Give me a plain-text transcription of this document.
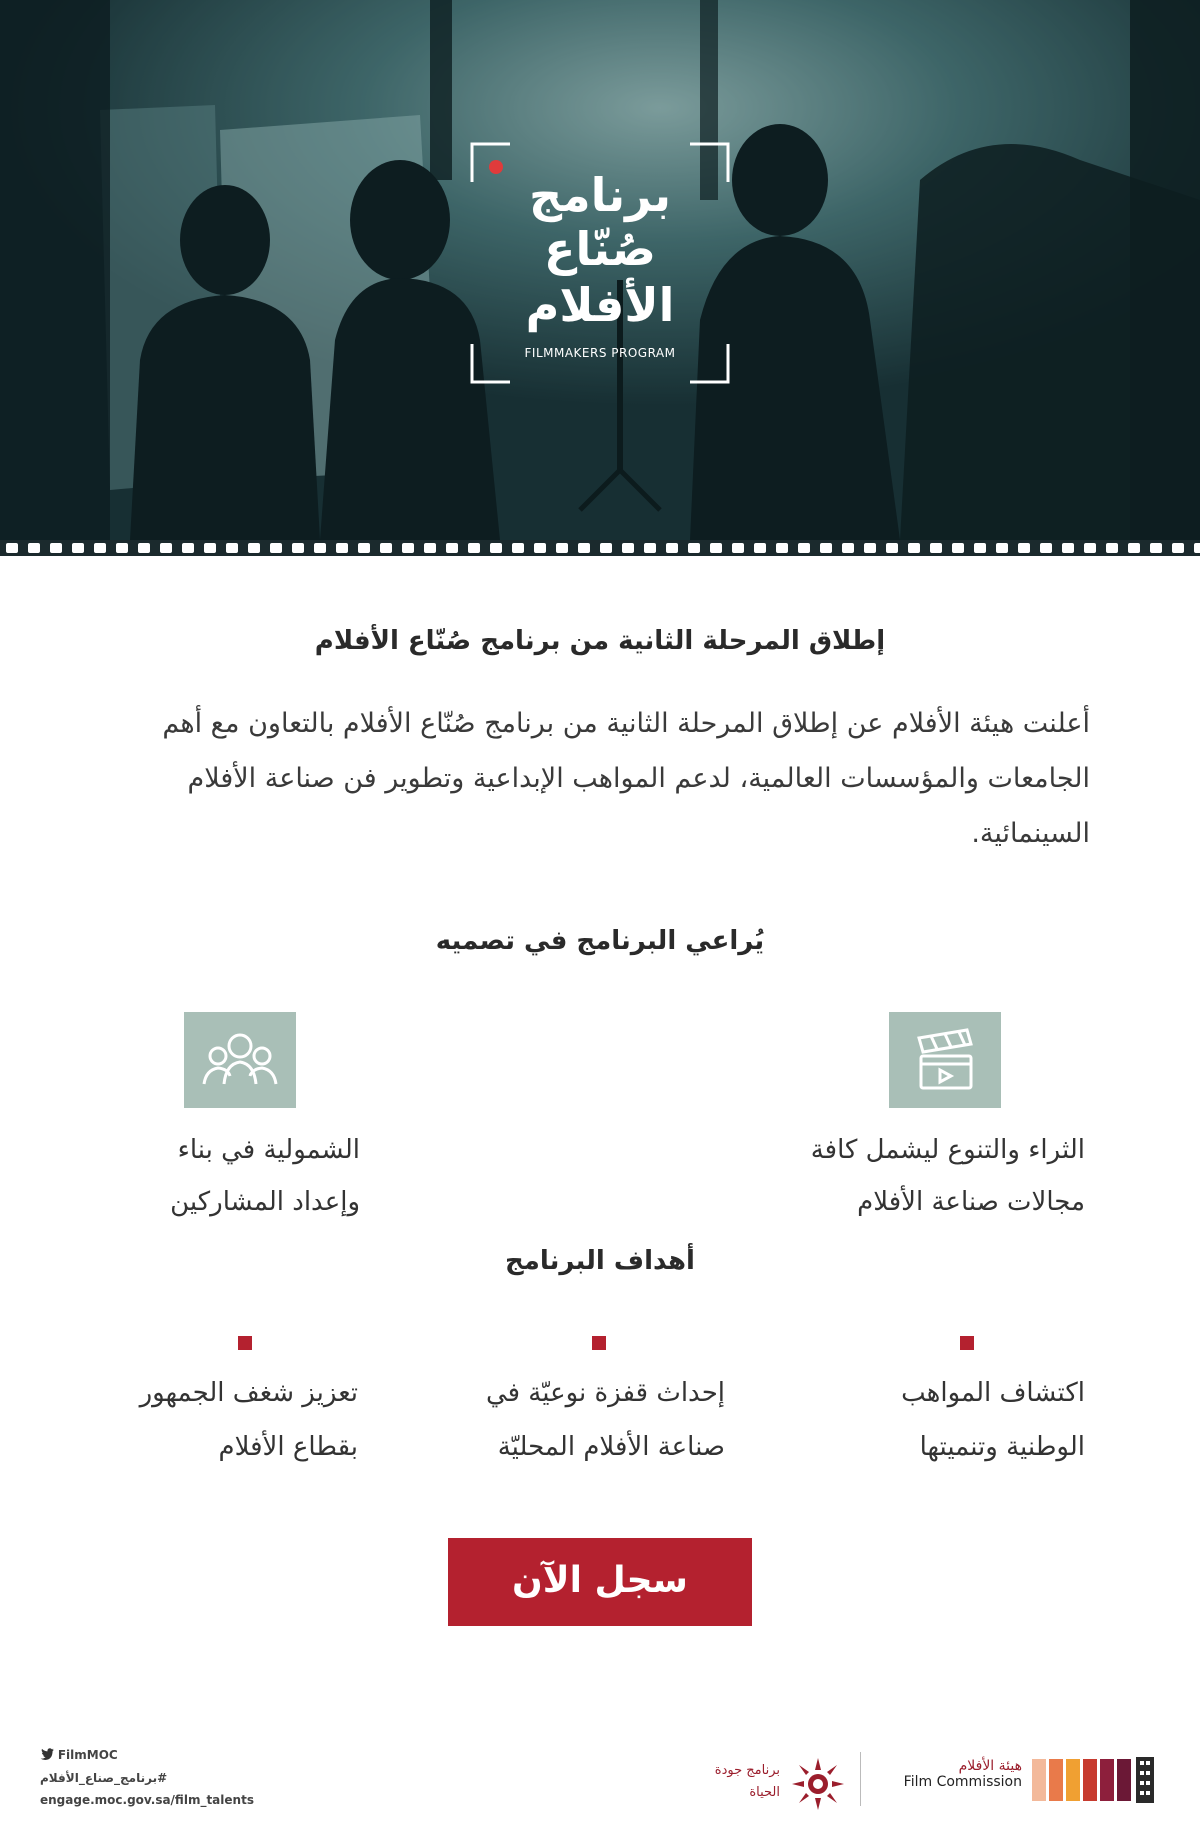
برنامج
صُنّاع
الأفلام
FILMMAKERS PROGRAM
إطلاق المرحلة الثانية من برنامج صُنّاع الأفلام
أعلنت هيئة الأفلام عن إطلاق المرحلة الثانية من برنامج صُنّاع الأفلام بالتعاون مع أهم الجامعات والمؤسسات العالمية، لدعم المواهب الإبداعية وتطوير فن صناعة الأفلام السينمائية.
يُراعي البرنامج في تصميه
الثراء والتنوع ليشمل كافة
مجالات صناعة الأفلام
الشمولية في بناء
وإعداد المشاركين
أهداف البرنامج
اكتشاف المواهب
الوطنية وتنميتها
إحداث قفزة نوعيّة في
صناعة الأفلام المحليّة
تعزيز شغف الجمهور
بقطاع الأفلام
سجل الآن
FilmMOC
#برنامج_صناع_الأفلام
engage.moc.gov.sa/film_talents
برنامج جودة
الحياة
هيئة الأفلام
Film Commission
